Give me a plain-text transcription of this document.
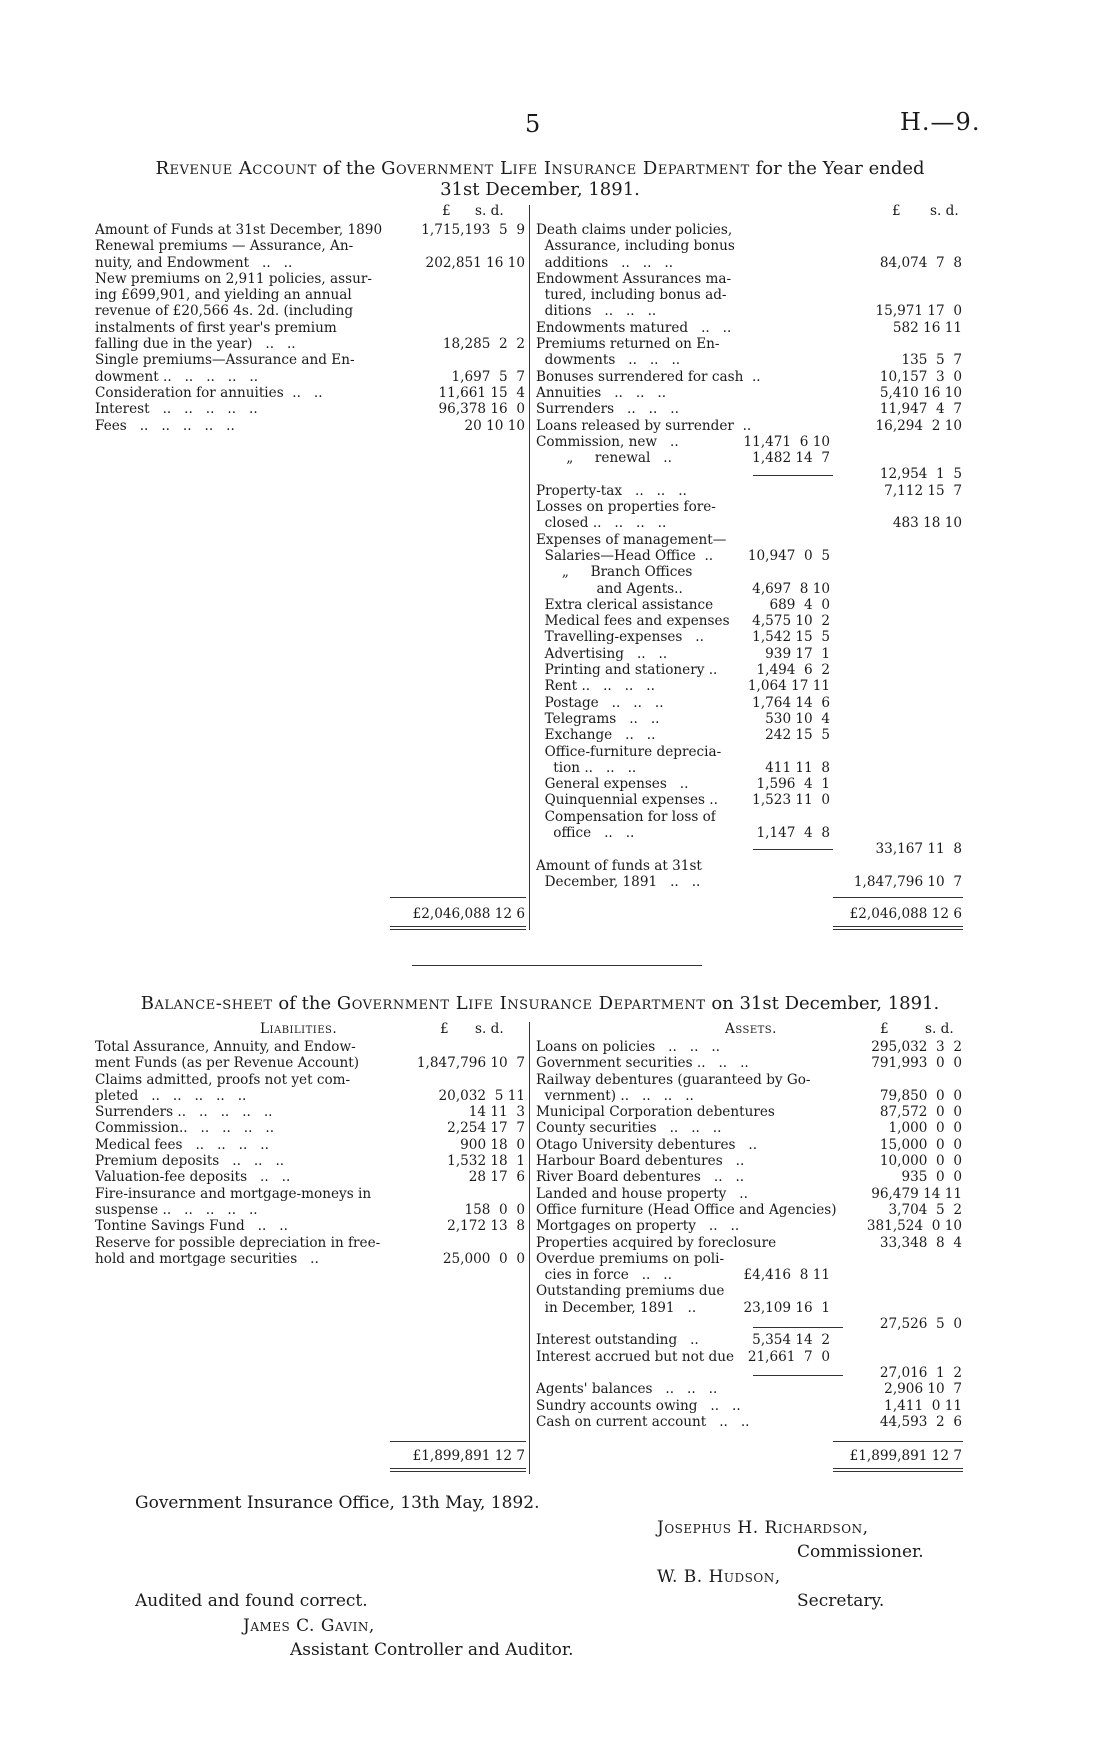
5	H.—9.
Revenue Account of the Government Life Insurance Department for the Year ended
31st December, 1891.
£ s. d.	£ s. d.
Amount of Funds at 31st December, 1890	1,715,193  5  9
Renewal premiums — Assurance, An-
nuity, and Endowment   ..   ..	202,851 16 10
New premiums on 2,911 policies, assur-
ing £699,901, and yielding an annual
revenue of £20,566 4s. 2d. (including
instalments of first year's premium
falling due in the year)   ..   ..	18,285  2  2
Single premiums—Assurance and En-
dowment ..   ..   ..   ..   ..	1,697  5  7
Consideration for annuities  ..   ..	11,661 15  4
Interest   ..   ..   ..   ..   ..	96,378 16  0
Fees   ..   ..   ..   ..   ..	20 10 10
Death claims under policies,
Assurance, including bonus
additions   ..   ..   ..	84,074  7  8
Endowment Assurances ma-
tured, including bonus ad-
ditions   ..   ..   ..	15,971 17  0
Endowments matured   ..   ..	582 16 11
Premiums returned on En-
dowments   ..   ..   ..	135  5  7
Bonuses surrendered for cash  ..	10,157  3  0
Annuities   ..   ..   ..	5,410 16 10
Surrenders   ..   ..   ..	11,947  4  7
Loans released by surrender  ..	16,294  2 10
Commission, new   ..	11,471  6 10
„     renewal   ..	1,482 14  7
12,954  1  5
Property-tax   ..   ..   ..	7,112 15  7
Losses on properties fore-
closed ..   ..   ..   ..	483 18 10
Expenses of management—
Salaries—Head Office  ..	10,947  0  5
„     Branch Offices
and Agents..	4,697  8 10
Extra clerical assistance	689  4  0
Medical fees and expenses 4,575 10  2
Travelling-expenses   ..	1,542 15  5
Advertising   ..   ..	939 17  1
Printing and stationery ..	1,494  6  2
Rent ..   ..   ..   ..	1,064 17 11
Postage   ..   ..   ..	1,764 14  6
Telegrams   ..   ..	530 10  4
Exchange   ..   ..	242 15  5
Office-furniture deprecia-
tion ..   ..   ..	411 11  8
General expenses   ..	1,596  4  1
Quinquennial expenses ..	1,523 11  0
Compensation for loss of
office   ..   ..	1,147  4  8
33,167 11  8
Amount of funds at 31st
December, 1891   ..   ..	1,847,796 10  7
£2,046,088 12 6	£2,046,088 12 6
Balance-sheet of the Government Life Insurance Department on 31st December, 1891.
Liabilities.	£ s. d.	Assets.	£	s. d.
Total Assurance, Annuity, and Endow-
ment Funds (as per Revenue Account)	1,847,796 10  7
Claims admitted, proofs not yet com-
pleted   ..   ..   ..   ..   ..	20,032  5 11
Surrenders ..   ..   ..   ..   ..	14 11  3
Commission..   ..   ..   ..   ..	2,254 17  7
Medical fees   ..   ..   ..   ..	900 18  0
Premium deposits   ..   ..   ..	1,532 18  1
Valuation-fee deposits   ..   ..	28 17  6
Fire-insurance and mortgage-moneys in
suspense ..   ..   ..   ..   ..	158  0  0
Tontine Savings Fund   ..   ..	2,172 13  8
Reserve for possible depreciation in free-
hold and mortgage securities   ..	25,000  0  0
Loans on policies   ..   ..   ..	295,032  3  2
Government securities ..   ..   ..	791,993  0  0
Railway debentures (guaranteed by Go-
vernment) ..   ..   ..   ..	79,850  0  0
Municipal Corporation debentures	87,572  0  0
County securities   ..   ..   ..	1,000  0  0
Otago University debentures   ..	15,000  0  0
Harbour Board debentures   ..	10,000  0  0
River Board debentures   ..   ..	935  0  0
Landed and house property   ..	96,479 14 11
Office furniture (Head Office and Agencies)	3,704  5  2
Mortgages on property   ..   ..	381,524  0 10
Properties acquired by foreclosure	33,348  8  4
Overdue premiums on poli-
cies in force   ..   ..	£4,416  8 11
Outstanding premiums due
in December, 1891   ..	23,109 16  1
27,526  5  0
Interest outstanding   ..	5,354 14  2
Interest accrued but not due 21,661  7  0
27,016  1  2
Agents' balances   ..   ..   ..	2,906 10  7
Sundry accounts owing   ..   ..	1,411  0 11
Cash on current account   ..   ..	44,593  2  6
£1,899,891 12 7	£1,899,891 12 7
Government Insurance Office, 13th May, 1892.
Josephus H. Richardson,
Commissioner.
W. B. Hudson,
Secretary.
Audited and found correct.
James C. Gavin,
Assistant Controller and Auditor.
